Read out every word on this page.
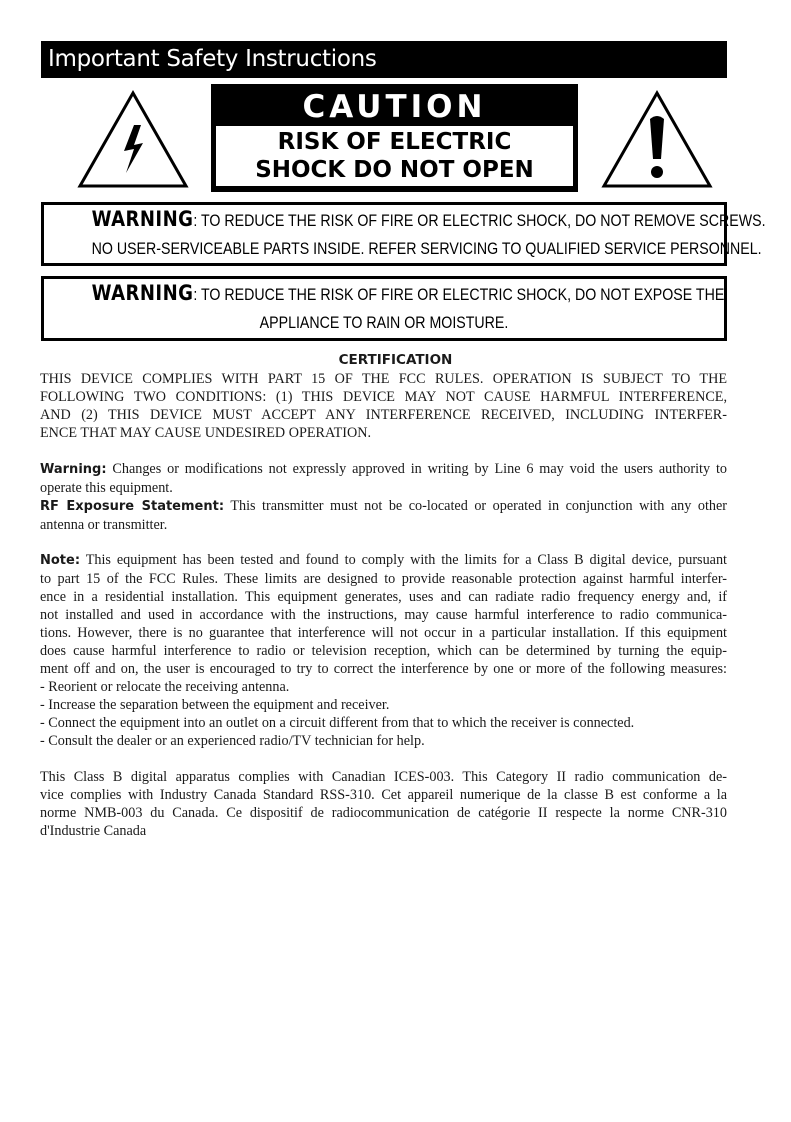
Important Safety Instructions
CAUTION
RISK OF ELECTRIC
SHOCK DO NOT OPEN
WARNING: TO REDUCE THE RISK OF FIRE OR ELECTRIC SHOCK, DO NOT REMOVE SCREWS.
NO USER-SERVICEABLE PARTS INSIDE. REFER SERVICING TO QUALIFIED SERVICE PERSONNEL.
WARNING: TO REDUCE THE RISK OF FIRE OR ELECTRIC SHOCK, DO NOT EXPOSE THE
APPLIANCE TO RAIN OR MOISTURE.
CERTIFICATION
THIS DEVICE COMPLIES WITH PART 15 OF THE FCC RULES. OPERATION IS SUBJECT TO THE
FOLLOWING TWO CONDITIONS: (1) THIS DEVICE MAY NOT CAUSE HARMFUL INTERFERENCE,
AND (2) THIS DEVICE MUST ACCEPT ANY INTERFERENCE RECEIVED, INCLUDING INTERFER-
ENCE THAT MAY CAUSE UNDESIRED OPERATION.
Warning: Changes or modifications not expressly approved in writing by Line 6 may void the users authority to
operate this equipment.
RF Exposure Statement: This transmitter must not be co-located or operated in conjunction with any other
antenna or transmitter.
Note: This equipment has been tested and found to comply with the limits for a Class B digital device, pursuant
to part 15 of the FCC Rules. These limits are designed to provide reasonable protection against harmful interfer-
ence in a residential installation. This equipment generates, uses and can radiate radio frequency energy and, if
not installed and used in accordance with the instructions, may cause harmful interference to radio communica-
tions. However, there is no guarantee that interference will not occur in a particular installation. If this equipment
does cause harmful interference to radio or television reception, which can be determined by turning the equip-
ment off and on, the user is encouraged to try to correct the interference by one or more of the following measures:
- Reorient or relocate the receiving antenna.
- Increase the separation between the equipment and receiver.
- Connect the equipment into an outlet on a circuit different from that to which the receiver is connected.
- Consult the dealer or an experienced radio/TV technician for help.
This Class B digital apparatus complies with Canadian ICES-003. This Category II radio communication de-
vice complies with Industry Canada Standard RSS-310. Cet appareil numerique de la classe B est conforme a la
norme NMB-003 du Canada. Ce dispositif de radiocommunication de catégorie II respecte la norme CNR-310
d'Industrie Canada
